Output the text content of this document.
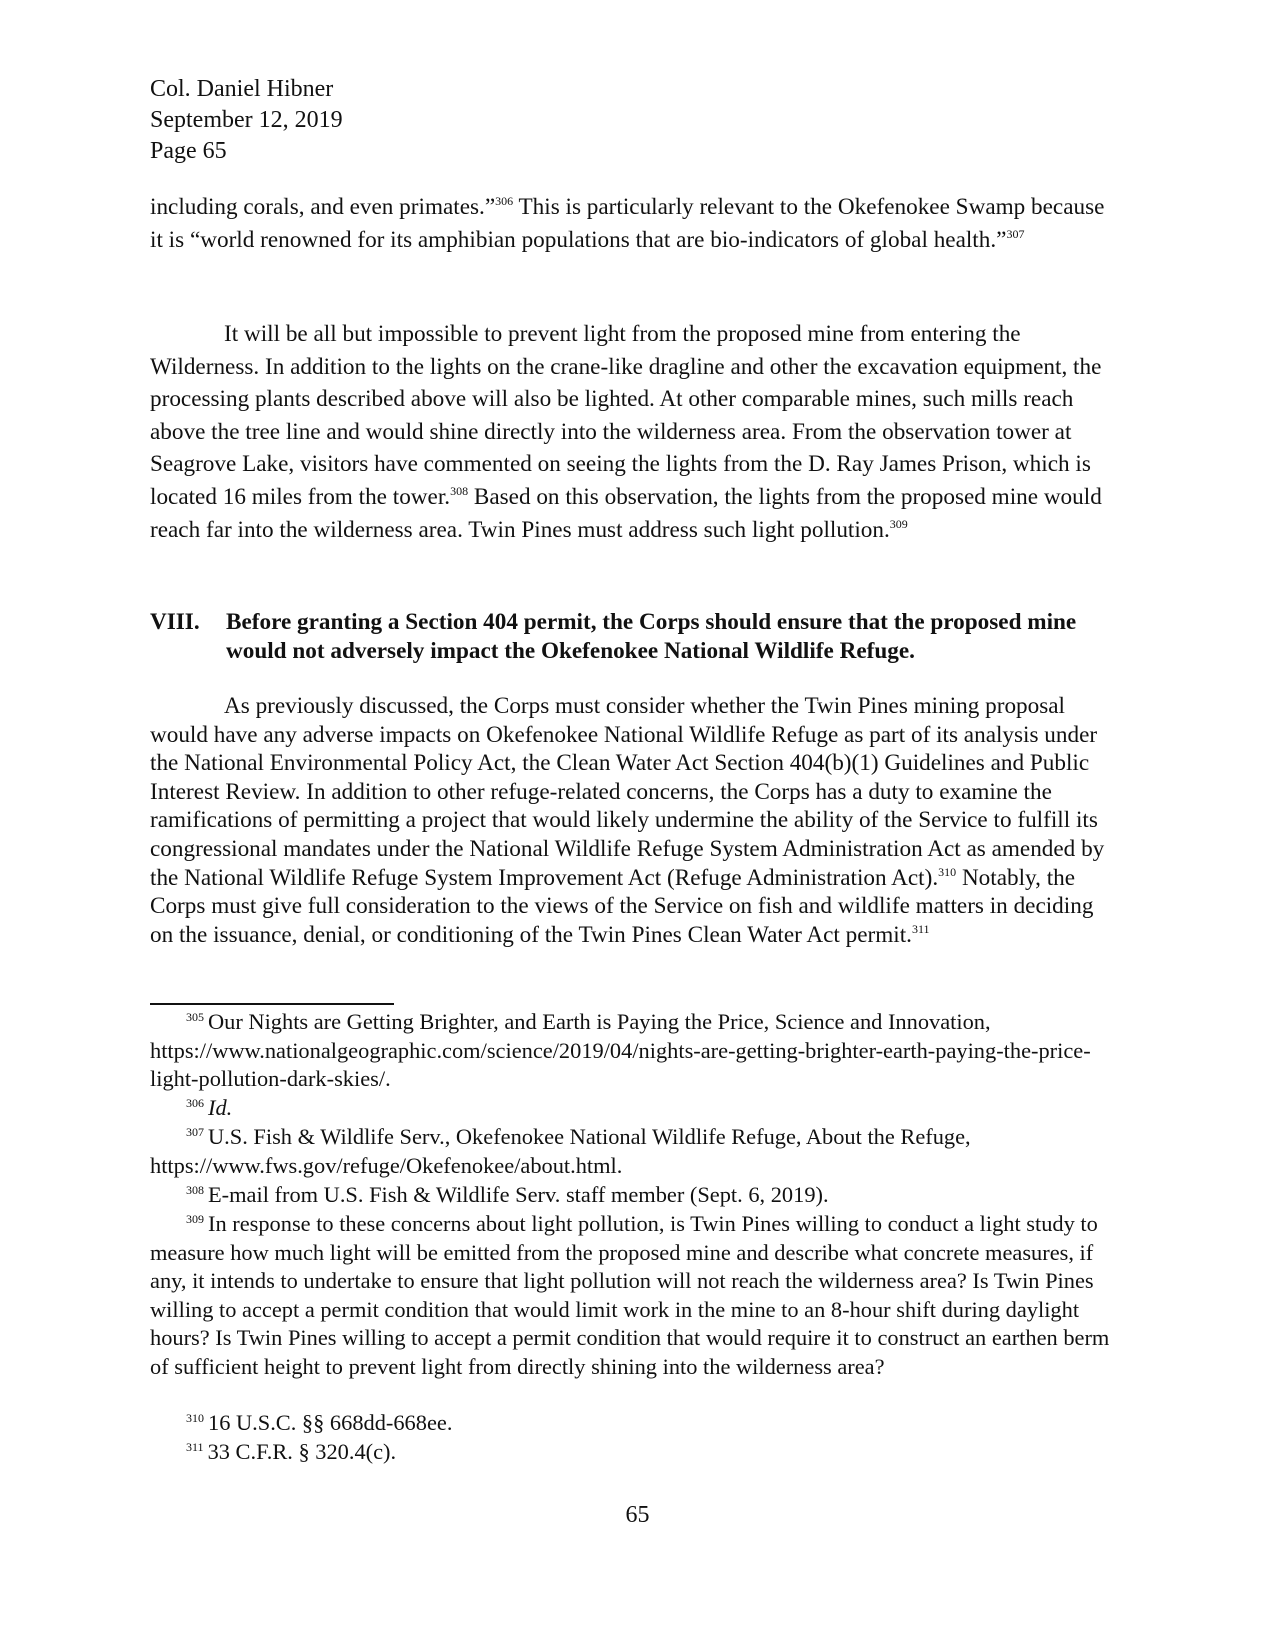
Col. Daniel Hibner
September 12, 2019
Page 65
including corals, and even primates.”$^{306}$ This is particularly relevant to the Okefenokee Swamp because it is “world renowned for its amphibian populations that are bio-indicators of global health.”$^{307}$
It will be all but impossible to prevent light from the proposed mine from entering the Wilderness. In addition to the lights on the crane-like dragline and other the excavation equipment, the processing plants described above will also be lighted. At other comparable mines, such mills reach above the tree line and would shine directly into the wilderness area. From the observation tower at Seagrove Lake, visitors have commented on seeing the lights from the D. Ray James Prison, which is located 16 miles from the tower.$^{308}$ Based on this observation, the lights from the proposed mine would reach far into the wilderness area. Twin Pines must address such light pollution.$^{309}$
VIII. Before granting a Section 404 permit, the Corps should ensure that the proposed mine would not adversely impact the Okefenokee National Wildlife Refuge.
As previously discussed, the Corps must consider whether the Twin Pines mining proposal would have any adverse impacts on Okefenokee National Wildlife Refuge as part of its analysis under the National Environmental Policy Act, the Clean Water Act Section 404(b)(1) Guidelines and Public Interest Review. In addition to other refuge-related concerns, the Corps has a duty to examine the ramifications of permitting a project that would likely undermine the ability of the Service to fulfill its congressional mandates under the National Wildlife Refuge System Administration Act as amended by the National Wildlife Refuge System Improvement Act (Refuge Administration Act).$^{310}$ Notably, the Corps must give full consideration to the views of the Service on fish and wildlife matters in deciding on the issuance, denial, or conditioning of the Twin Pines Clean Water Act permit.$^{311}$
$^{305}$ Our Nights are Getting Brighter, and Earth is Paying the Price, Science and Innovation, https://www.nationalgeographic.com/science/2019/04/nights-are-getting-brighter-earth-paying-the-price-light-pollution-dark-skies/.
$^{306}$ Id.
$^{307}$ U.S. Fish & Wildlife Serv., Okefenokee National Wildlife Refuge, About the Refuge, https://www.fws.gov/refuge/Okefenokee/about.html.
$^{308}$ E-mail from U.S. Fish & Wildlife Serv. staff member (Sept. 6, 2019).
$^{309}$ In response to these concerns about light pollution, is Twin Pines willing to conduct a light study to measure how much light will be emitted from the proposed mine and describe what concrete measures, if any, it intends to undertake to ensure that light pollution will not reach the wilderness area? Is Twin Pines willing to accept a permit condition that would limit work in the mine to an 8-hour shift during daylight hours? Is Twin Pines willing to accept a permit condition that would require it to construct an earthen berm of sufficient height to prevent light from directly shining into the wilderness area?
$^{310}$ 16 U.S.C. §§ 668dd-668ee.
$^{311}$ 33 C.F.R. § 320.4(c).
65
